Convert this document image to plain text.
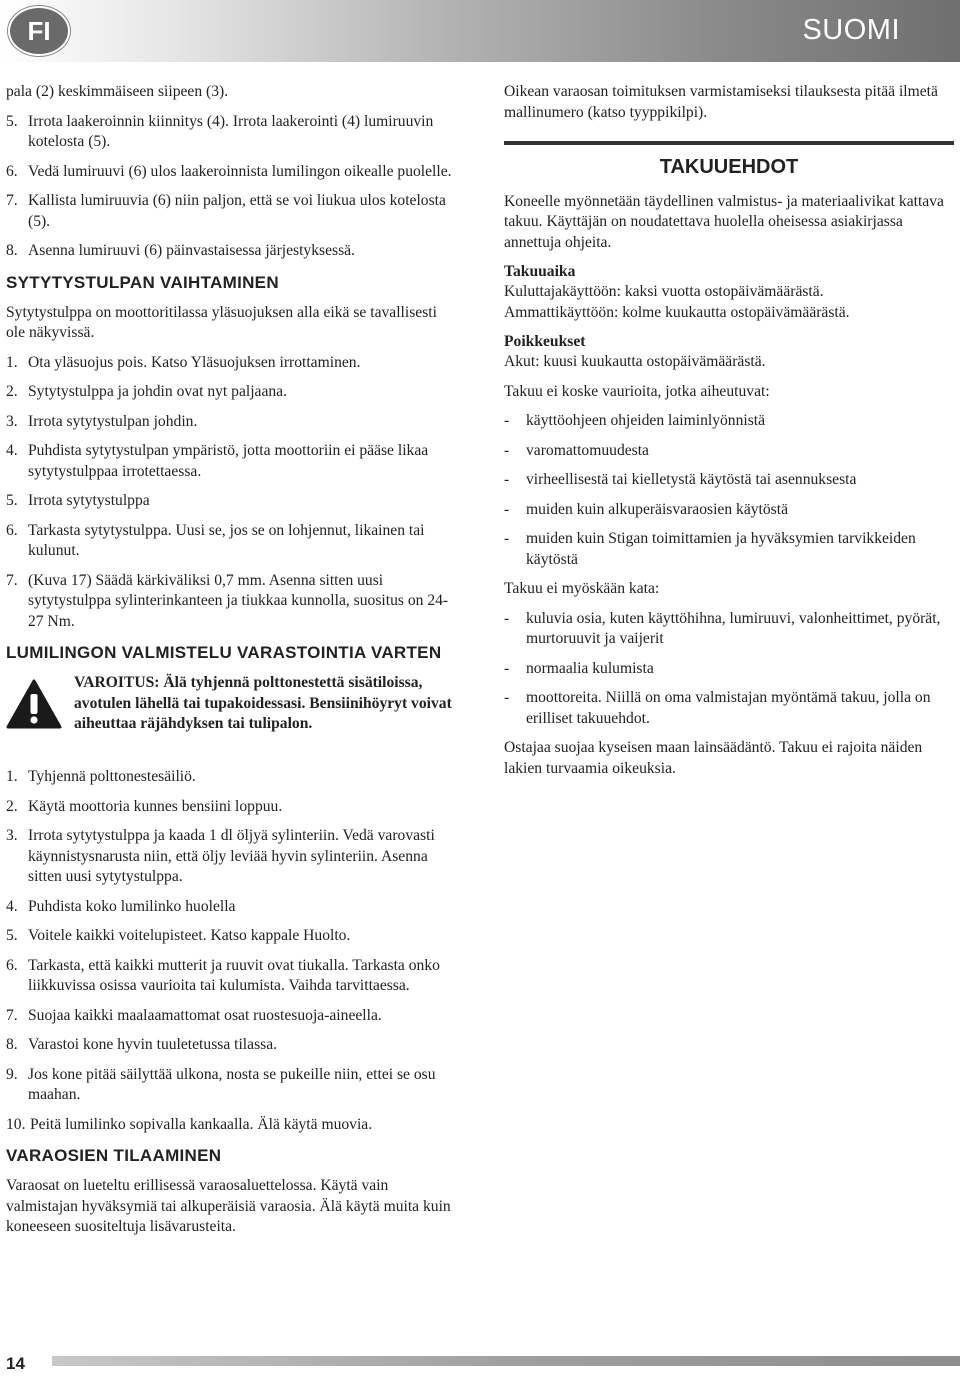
FI	SUOMI

pala (2) keskimmäiseen siipeen (3).

5. Irrota laakeroinnin kiinnitys (4). Irrota laakerointi (4) lumiruuvin kotelosta (5).
6. Vedä lumiruuvi (6) ulos laakeroinnista lumilingon oikealle puolelle.
7. Kallista lumiruuvia (6) niin paljon, että se voi liukua ulos kotelosta (5).
8. Asenna lumiruuvi (6) päinvastaisessa järjestyksessä.
SYTYTYSTULPAN VAIHTAMINEN

Sytytystulppa on moottoritilassa yläsuojuksen alla eikä se tavallisesti ole näkyvissä.

1. Ota yläsuojus pois. Katso Yläsuojuksen irrottaminen.
2. Sytytystulppa ja johdin ovat nyt paljaana.
3. Irrota sytytystulpan johdin.
4. Puhdista sytytystulpan ympäristö, jotta moottoriin ei pääse likaa sytytystulppaa irrotettaessa.
5. Irrota sytytystulppa
6. Tarkasta sytytystulppa. Uusi se, jos se on lohjennut, likainen tai kulunut.
7. (Kuva 17) Säädä kärkiväliksi 0,7 mm. Asenna sitten uusi sytytystulppa sylinterinkanteen ja tiukkaa kunnolla, suositus on 24-27 Nm.
LUMILINGON VALMISTELU VARASTOINTIA VARTEN
VAROITUS: Älä tyhjennä polttonestettä sisätiloissa, avotulen lähellä tai tupakoidessasi. Bensiinihöyryt voivat aiheuttaa räjähdyksen tai tulipalon.
1. Tyhjennä polttonestesäiliö.
2. Käytä moottoria kunnes bensiini loppuu.
3. Irrota sytytystulppa ja kaada 1 dl öljyä sylinteriin. Vedä varovasti käynnistysnarusta niin, että öljy leviää hyvin sylinteriin. Asenna sitten uusi sytytystulppa.
4. Puhdista koko lumilinko huolella
5. Voitele kaikki voitelupisteet. Katso kappale Huolto.
6. Tarkasta, että kaikki mutterit ja ruuvit ovat tiukalla. Tarkasta onko liikkuvissa osissa vaurioita tai kulumista. Vaihda tarvittaessa.
7. Suojaa kaikki maalaamattomat osat ruostesuoja-aineella.
8. Varastoi kone hyvin tuuletetussa tilassa.
9. Jos kone pitää säilyttää ulkona, nosta se pukeille niin, ettei se osu maahan.
10. Peitä lumilinko sopivalla kankaalla. Älä käytä muovia.
VARAOSIEN TILAAMINEN

Varaosat on lueteltu erillisessä varaosaluettelossa. Käytä vain valmistajan hyväksymiä tai alkuperäisiä varaosia. Älä käytä muita kuin koneeseen suositeltuja lisävarusteita.

Oikean varaosan toimituksen varmistamiseksi tilauksesta pitää ilmetä mallinumero (katso tyyppikilpi).

TAKUUEHDOT

Koneelle myönnetään täydellinen valmistus- ja materiaalivikat kattava takuu. Käyttäjän on noudatettava huolella oheisessa asiakirjassa annettuja ohjeita.

Takuuaika
Kuluttajakäyttöön: kaksi vuotta ostopäivämäärästä.

Ammattikäyttöön: kolme kuukautta ostopäivämäärästä.

Poikkeukset

Akut: kuusi kuukautta ostopäivämäärästä.

Takuu ei koske vaurioita, jotka aiheutuvat:

- käyttöohjeen ohjeiden laiminlyönnistä
- varomattomuudesta
- virheellisestä tai kielletystä käytöstä tai asennuksesta
- muiden kuin alkuperäisvaraosien käytöstä
- muiden kuin Stigan toimittamien ja hyväksymien tarvikkeiden käytöstä

Takuu ei myöskään kata:

- kuluvia osia, kuten käyttöhihna, lumiruuvi, valonheittimet, pyörät, murtoruuvit ja vaijerit
- normaalia kulumista
- moottoreita. Niillä on oma valmistajan myöntämä takuu, jolla on erilliset takuuehdot.

Ostajaa suojaa kyseisen maan lainsäädäntö. Takuu ei rajoita näiden lakien turvaamia oikeuksia.

14
